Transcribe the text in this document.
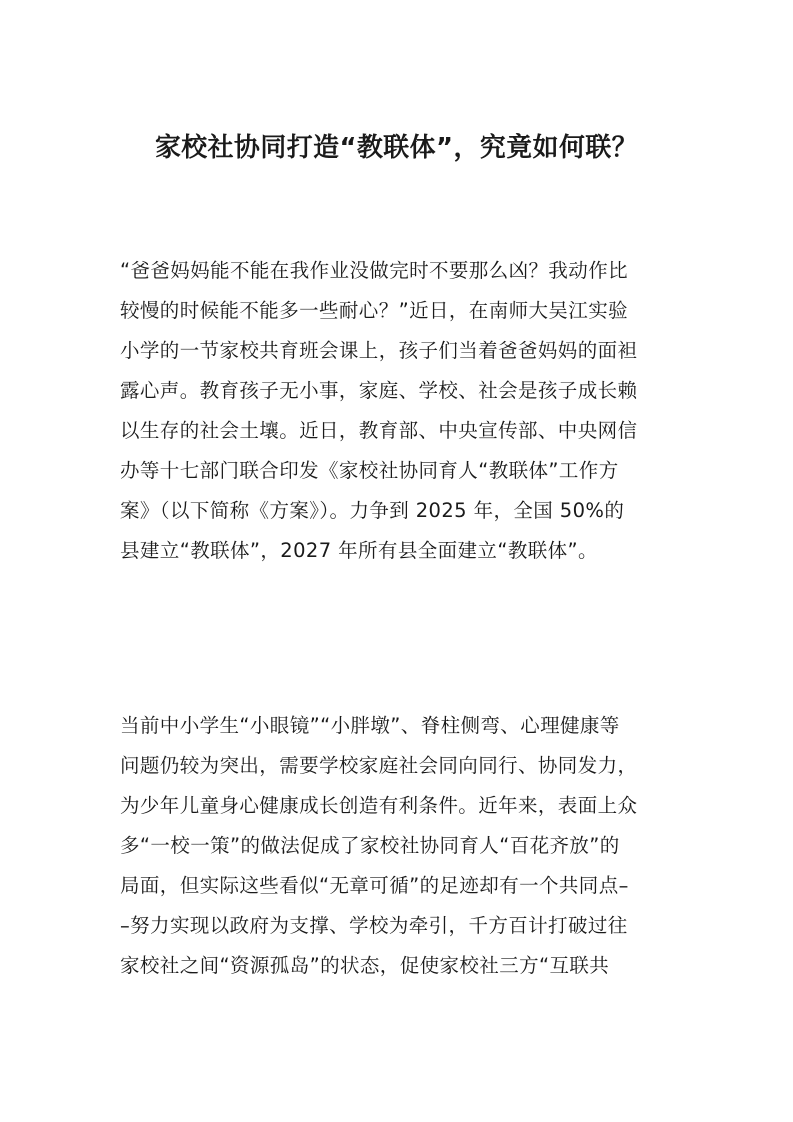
家校社协同打造“教联体”，究竟如何联？
“爸爸妈妈能不能在我作业没做完时不要那么凶？我动作比
较慢的时候能不能多一些耐心？”近日，在南师大吴江实验
小学的一节家校共育班会课上，孩子们当着爸爸妈妈的面袒
露心声。教育孩子无小事，家庭、学校、社会是孩子成长赖
以生存的社会土壤。近日，教育部、中央宣传部、中央网信
办等十七部门联合印发《家校社协同育人“教联体”工作方
案》（以下简称《方案》）。力争到 2025 年，全国 50%的
县建立“教联体”，2027 年所有县全面建立“教联体”。
当前中小学生“小眼镜”“小胖墩”、脊柱侧弯、心理健康等
问题仍较为突出，需要学校家庭社会同向同行、协同发力，
为少年儿童身心健康成长创造有利条件。近年来，表面上众
多“一校一策”的做法促成了家校社协同育人“百花齐放”的
局面，但实际这些看似“无章可循”的足迹却有一个共同点–
–努力实现以政府为支撑、学校为牵引，千方百计打破过往
家校社之间“资源孤岛”的状态，促使家校社三方“互联共
